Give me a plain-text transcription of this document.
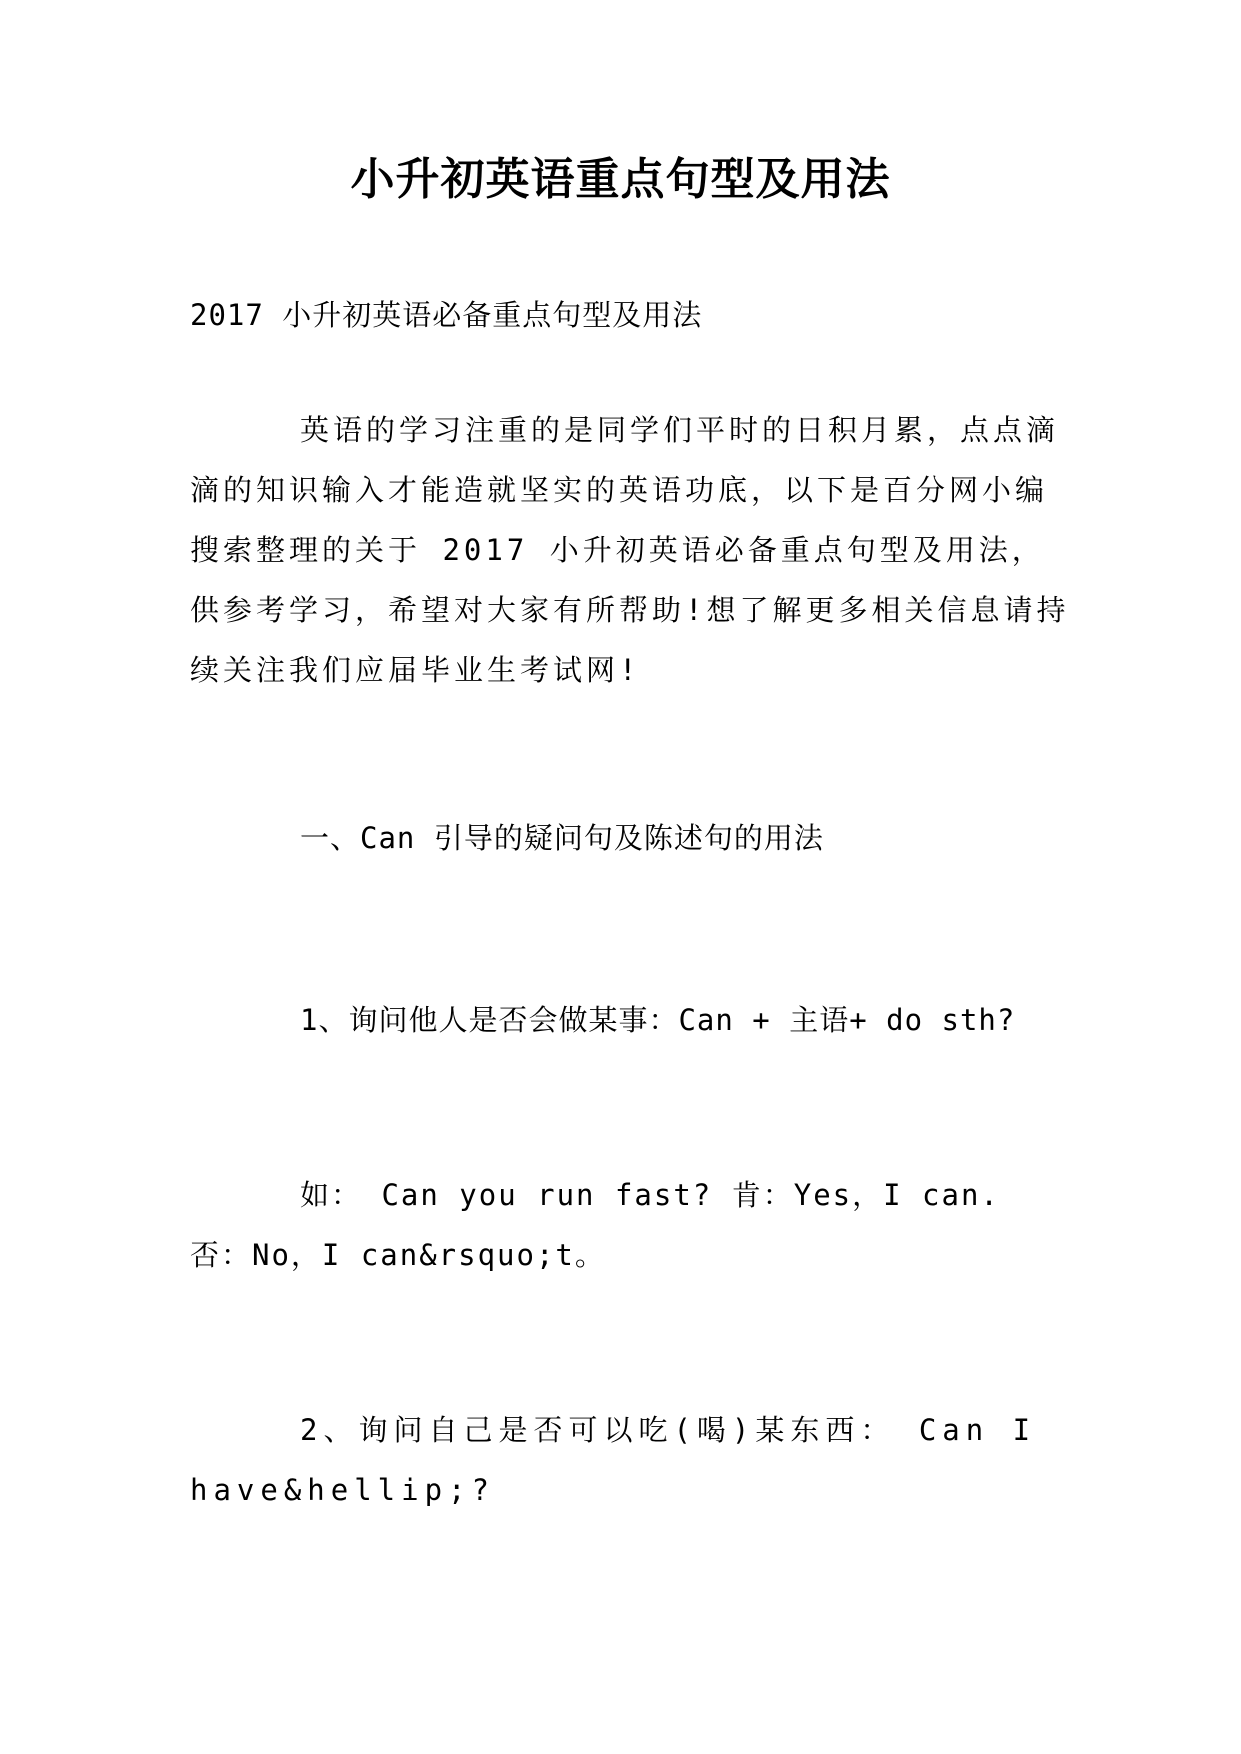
小升初英语重点句型及用法
2017 小升初英语必备重点句型及用法
英语的学习注重的是同学们平时的日积月累，点点滴滴的知识输入才能造就坚实的英语功底，以下是百分网小编搜索整理的关于 2017 小升初英语必备重点句型及用法，供参考学习，希望对大家有所帮助!想了解更多相关信息请持续关注我们应届毕业生考试网!
一、Can 引导的疑问句及陈述句的用法
1、询问他人是否会做某事：Can + 主语+ do sth?
如： Can you run fast? 肯：Yes，I can. 否：No，I can&rsquo;t。
2、询问自己是否可以吃(喝)某东西： Can I have&hellip;?
